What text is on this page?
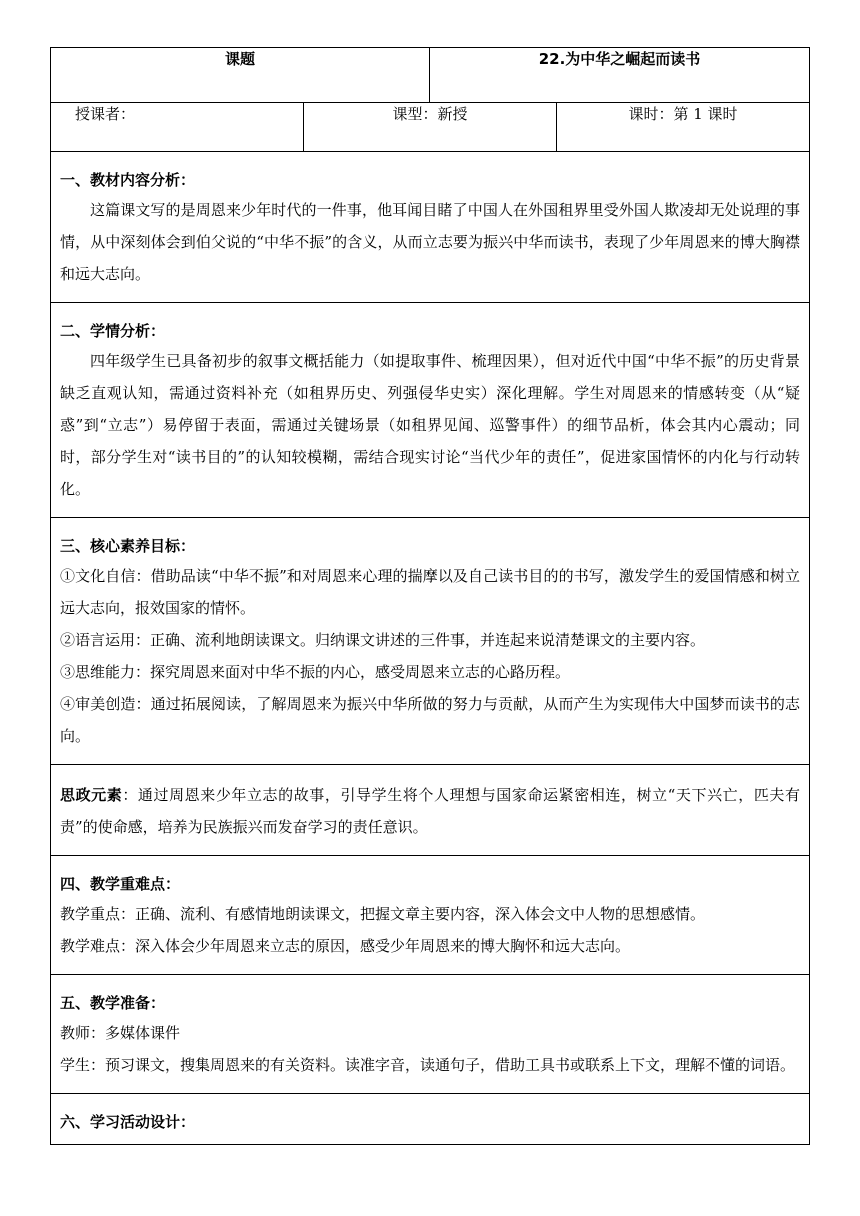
课题		22.为中华之崛起而读书	
授课者：	课型：新授		课时：第 1 课时

一、教材内容分析：

这篇课文写的是周恩来少年时代的一件事，他耳闻目睹了中国人在外国租界里受外国人欺凌却无处说理的事情，从中深刻体会到伯父说的“中华不振”的含义，从而立志要为振兴中华而读书，表现了少年周恩来的博大胸襟和远大志向。			

二、学情分析：

四年级学生已具备初步的叙事文概括能力（如提取事件、梳理因果），但对近代中国“中华不振”的历史背景缺乏直观认知，需通过资料补充（如租界历史、列强侵华史实）深化理解。学生对周恩来的情感转变（从“疑惑”到“立志”）易停留于表面，需通过关键场景（如租界见闻、巡警事件）的细节品析，体会其内心震动；同时，部分学生对“读书目的”的认知较模糊，需结合现实讨论“当代少年的责任”，促进家国情怀的内化与行动转化。			

三、核心素养目标：

①文化自信：借助品读“中华不振”和对周恩来心理的揣摩以及自己读书目的的书写，激发学生的爱国情感和树立远大志向，报效国家的情怀。

②语言运用：正确、流利地朗读课文。归纳课文讲述的三件事，并连起来说清楚课文的主要内容。

③思维能力：探究周恩来面对中华不振的内心，感受周恩来立志的心路历程。

④审美创造：通过拓展阅读，了解周恩来为振兴中华所做的努力与贡献，从而产生为实现伟大中国梦而读书的志向。			

思政元素：通过周恩来少年立志的故事，引导学生将个人理想与国家命运紧密相连，树立“天下兴亡，匹夫有责”的使命感，培养为民族振兴而发奋学习的责任意识。			

四、教学重难点：

教学重点：正确、流利、有感情地朗读课文，把握文章主要内容，深入体会文中人物的思想感情。

教学难点：深入体会少年周恩来立志的原因，感受少年周恩来的博大胸怀和远大志向。			

五、教学准备：

教师：多媒体课件

学生：预习课文，搜集周恩来的有关资料。读准字音，读通句子，借助工具书或联系上下文，理解不懂的词语。			

六、学习活动设计：			
